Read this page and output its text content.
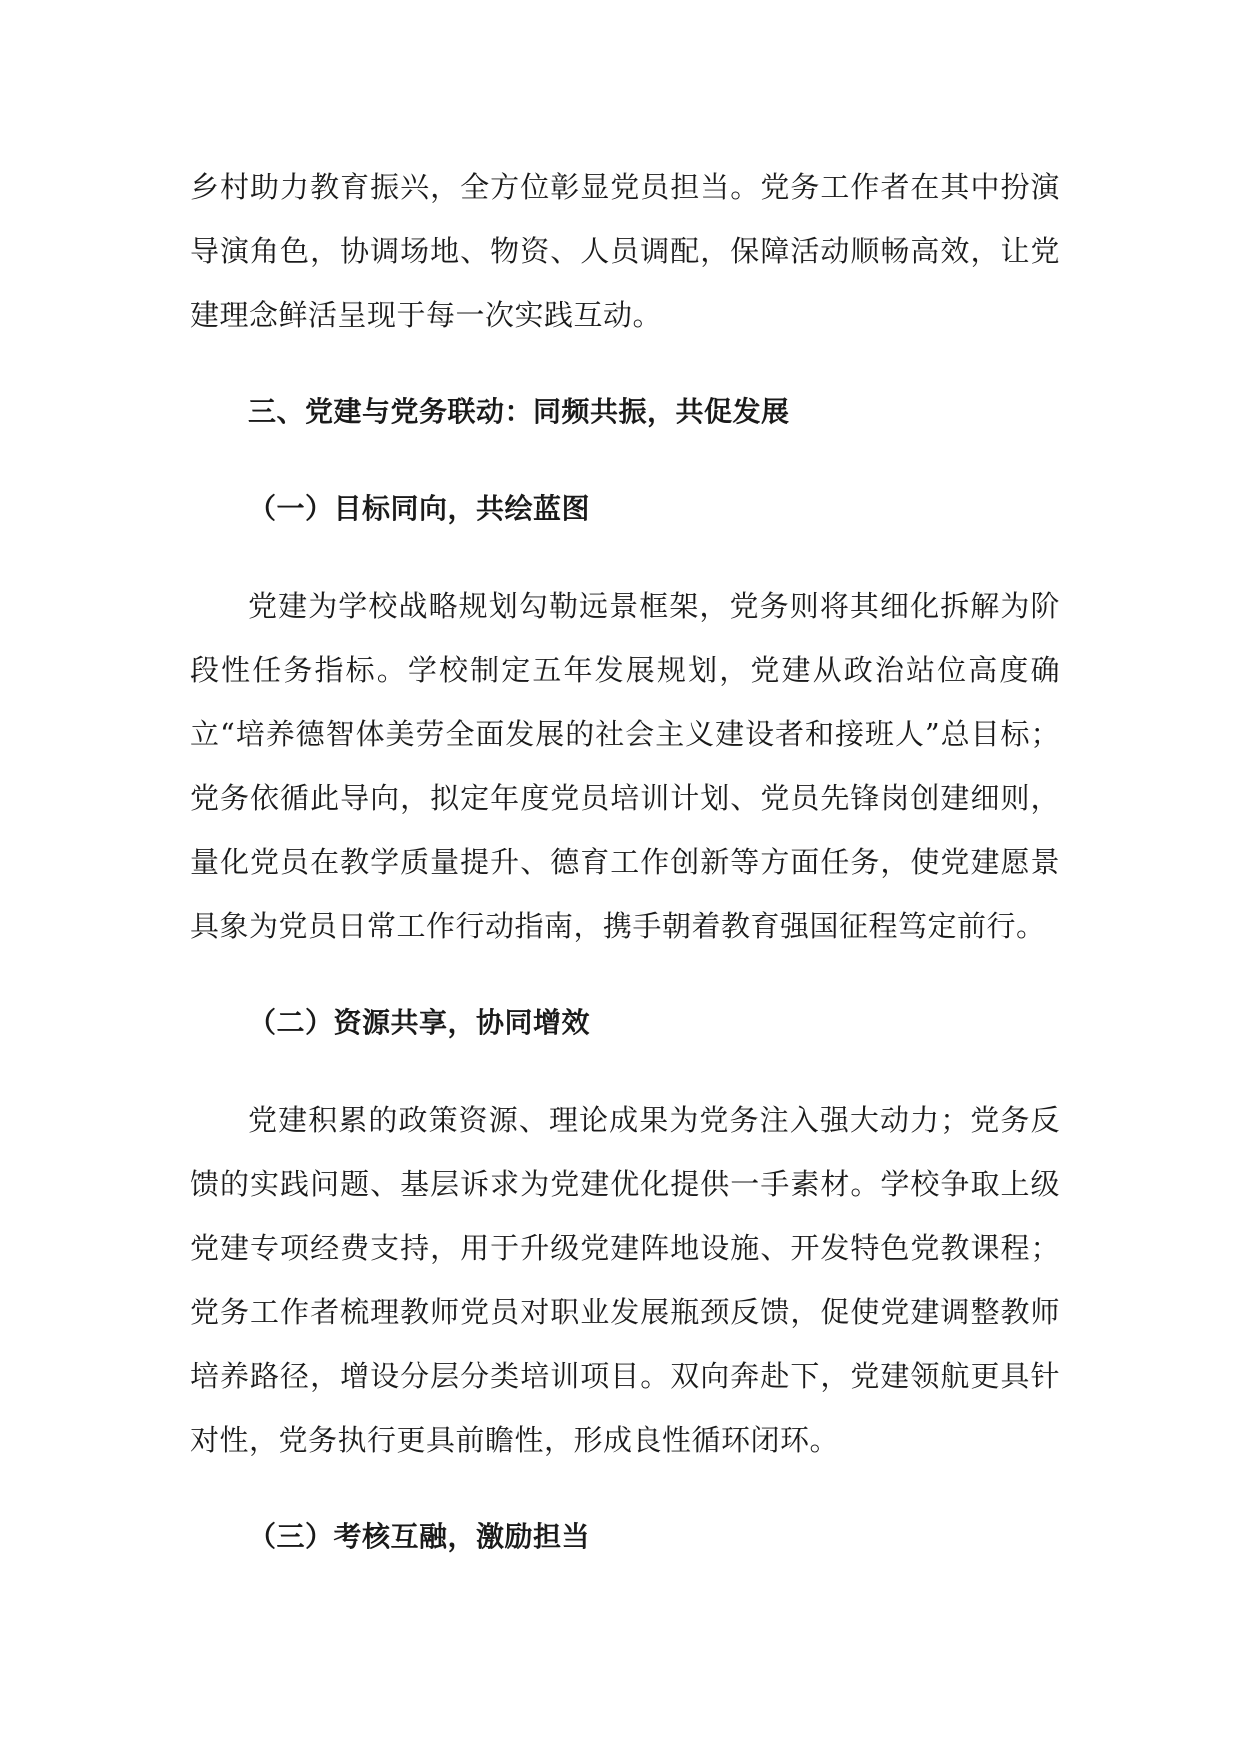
乡村助力教育振兴，全方位彰显党员担当。党务工作者在其中扮演导演角色，协调场地、物资、人员调配，保障活动顺畅高效，让党建理念鲜活呈现于每一次实践互动。

三、党建与党务联动：同频共振，共促发展

（一）目标同向，共绘蓝图

党建为学校战略规划勾勒远景框架，党务则将其细化拆解为阶段性任务指标。学校制定五年发展规划，党建从政治站位高度确立“培养德智体美劳全面发展的社会主义建设者和接班人”总目标；党务依循此导向，拟定年度党员培训计划、党员先锋岗创建细则，量化党员在教学质量提升、德育工作创新等方面任务，使党建愿景具象为党员日常工作行动指南，携手朝着教育强国征程笃定前行。

（二）资源共享，协同增效

党建积累的政策资源、理论成果为党务注入强大动力；党务反馈的实践问题、基层诉求为党建优化提供一手素材。学校争取上级党建专项经费支持，用于升级党建阵地设施、开发特色党教课程；党务工作者梳理教师党员对职业发展瓶颈反馈，促使党建调整教师培养路径，增设分层分类培训项目。双向奔赴下，党建领航更具针对性，党务执行更具前瞻性，形成良性循环闭环。

（三）考核互融，激励担当
